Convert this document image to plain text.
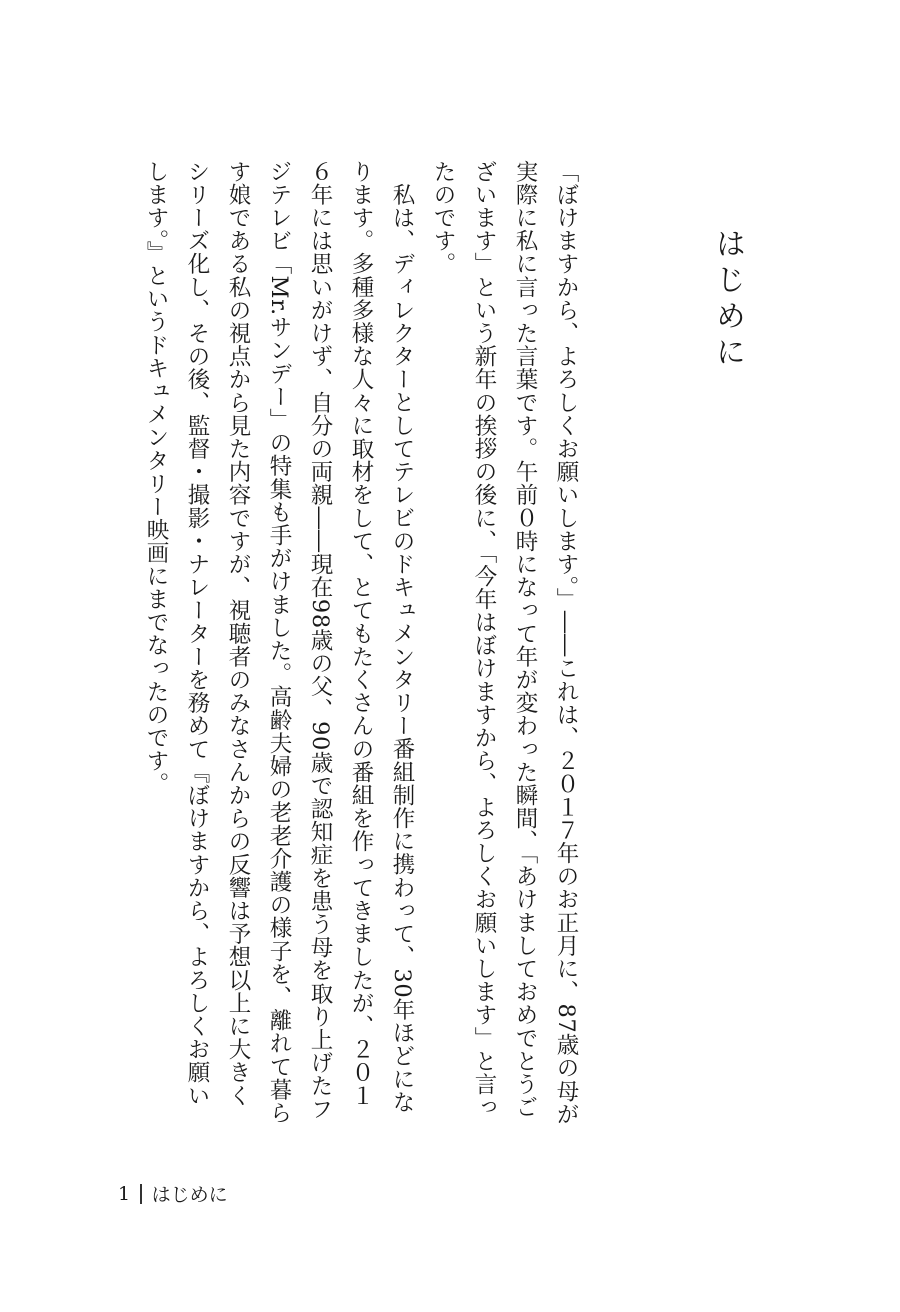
はじめに

「ぼけますから、よろしくお願いします。」――これは、２０１７年のお正月に、87歳の母が実際に私に言った言葉です。午前０時になって年が変わった瞬間、「あけましておめでとうございます」という新年の挨拶の後に、「今年はぼけますから、よろしくお願いします」と言ったのです。

私は、ディレクターとしてテレビのドキュメンタリー番組制作に携わって、30年ほどになります。多種多様な人々に取材をして、とてもたくさんの番組を作ってきましたが、２０１６年には思いがけず、自分の両親――現在98歳の父、90歳で認知症を患う母を取り上げたフジテレビ「Mr.サンデー」の特集も手がけました。高齢夫婦の老老介護の様子を、離れて暮らす娘である私の視点から見た内容ですが、視聴者のみなさんからの反響は予想以上に大きくシリーズ化し、その後、監督・撮影・ナレーターを務めて『ぼけますから、よろしくお願いします。』というドキュメンタリー映画にまでなったのです。

1 はじめに
